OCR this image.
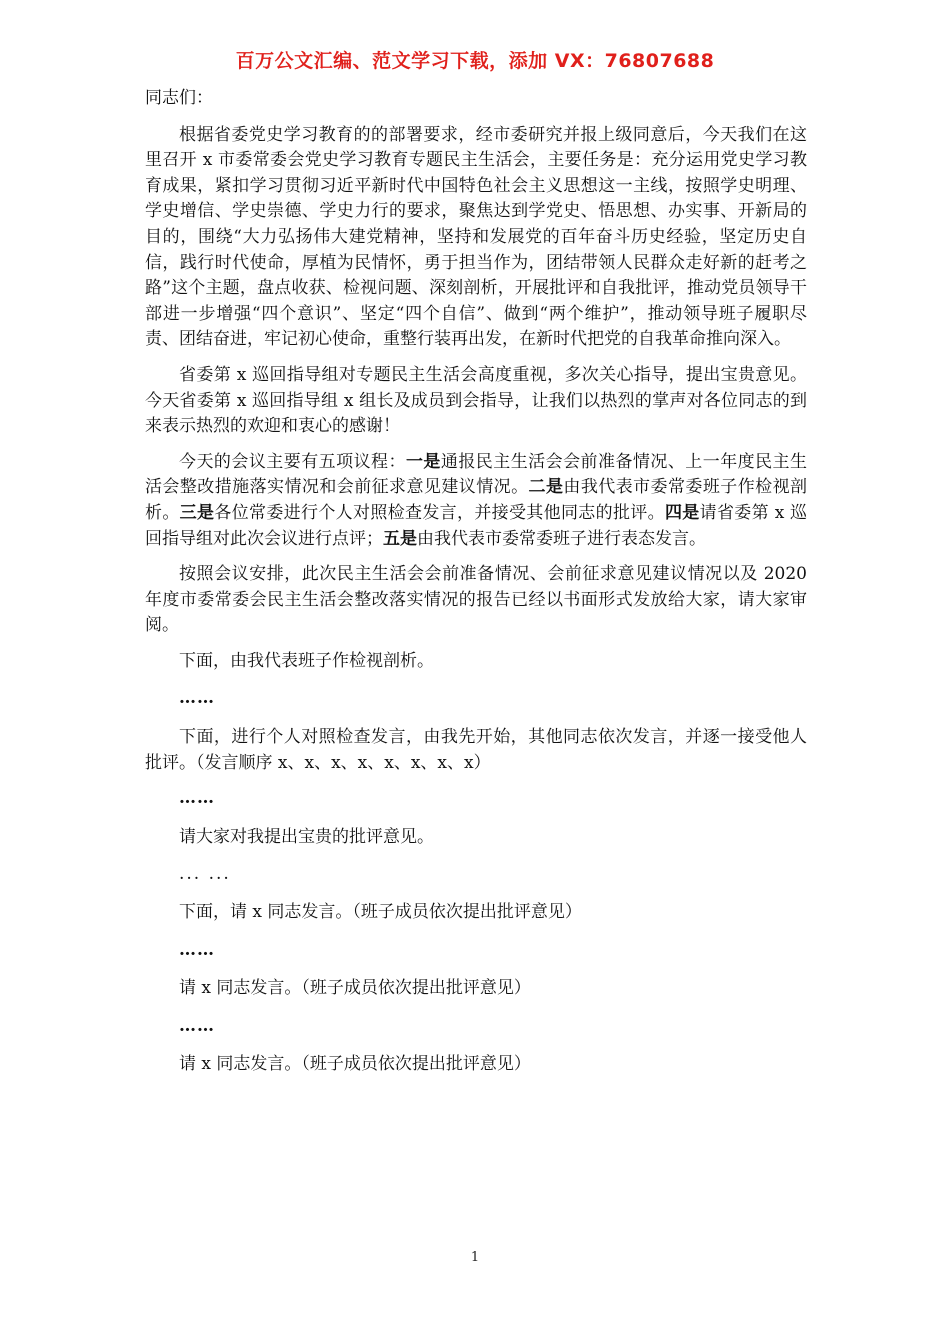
百万公文汇编、范文学习下载，添加 VX：76807688

同志们：

根据省委党史学习教育的的部署要求，经市委研究并报上级同意后，今天我们在这里召开 x 市委常委会党史学习教育专题民主生活会，主要任务是：充分运用党史学习教育成果，紧扣学习贯彻习近平新时代中国特色社会主义思想这一主线，按照学史明理、学史增信、学史崇德、学史力行的要求，聚焦达到学党史、悟思想、办实事、开新局的目的，围绕“大力弘扬伟大建党精神，坚持和发展党的百年奋斗历史经验，坚定历史自信，践行时代使命，厚植为民情怀，勇于担当作为，团结带领人民群众走好新的赶考之路”这个主题，盘点收获、检视问题、深刻剖析，开展批评和自我批评，推动党员领导干部进一步增强“四个意识”、坚定“四个自信”、做到“两个维护”，推动领导班子履职尽责、团结奋进，牢记初心使命，重整行装再出发，在新时代把党的自我革命推向深入。

省委第 x 巡回指导组对专题民主生活会高度重视，多次关心指导，提出宝贵意见。今天省委第 x 巡回指导组 x 组长及成员到会指导，让我们以热烈的掌声对各位同志的到来表示热烈的欢迎和衷心的感谢！

今天的会议主要有五项议程：一是通报民主生活会会前准备情况、上一年度民主生活会整改措施落实情况和会前征求意见建议情况。二是由我代表市委常委班子作检视剖析。三是各位常委进行个人对照检查发言，并接受其他同志的批评。四是请省委第 x 巡回指导组对此次会议进行点评；五是由我代表市委常委班子进行表态发言。

按照会议安排，此次民主生活会会前准备情况、会前征求意见建议情况以及 2020 年度市委常委会民主生活会整改落实情况的报告已经以书面形式发放给大家，请大家审阅。

下面，由我代表班子作检视剖析。
……

下面，进行个人对照检查发言，由我先开始，其他同志依次发言，并逐一接受他人批评。（发言顺序 x、x、x、x、x、x、x、x）

……
请大家对我提出宝贵的批评意见。
... ...
下面，请 x 同志发言。（班子成员依次提出批评意见）
……
请 x 同志发言。（班子成员依次提出批评意见）
……
请 x 同志发言。（班子成员依次提出批评意见）
1
